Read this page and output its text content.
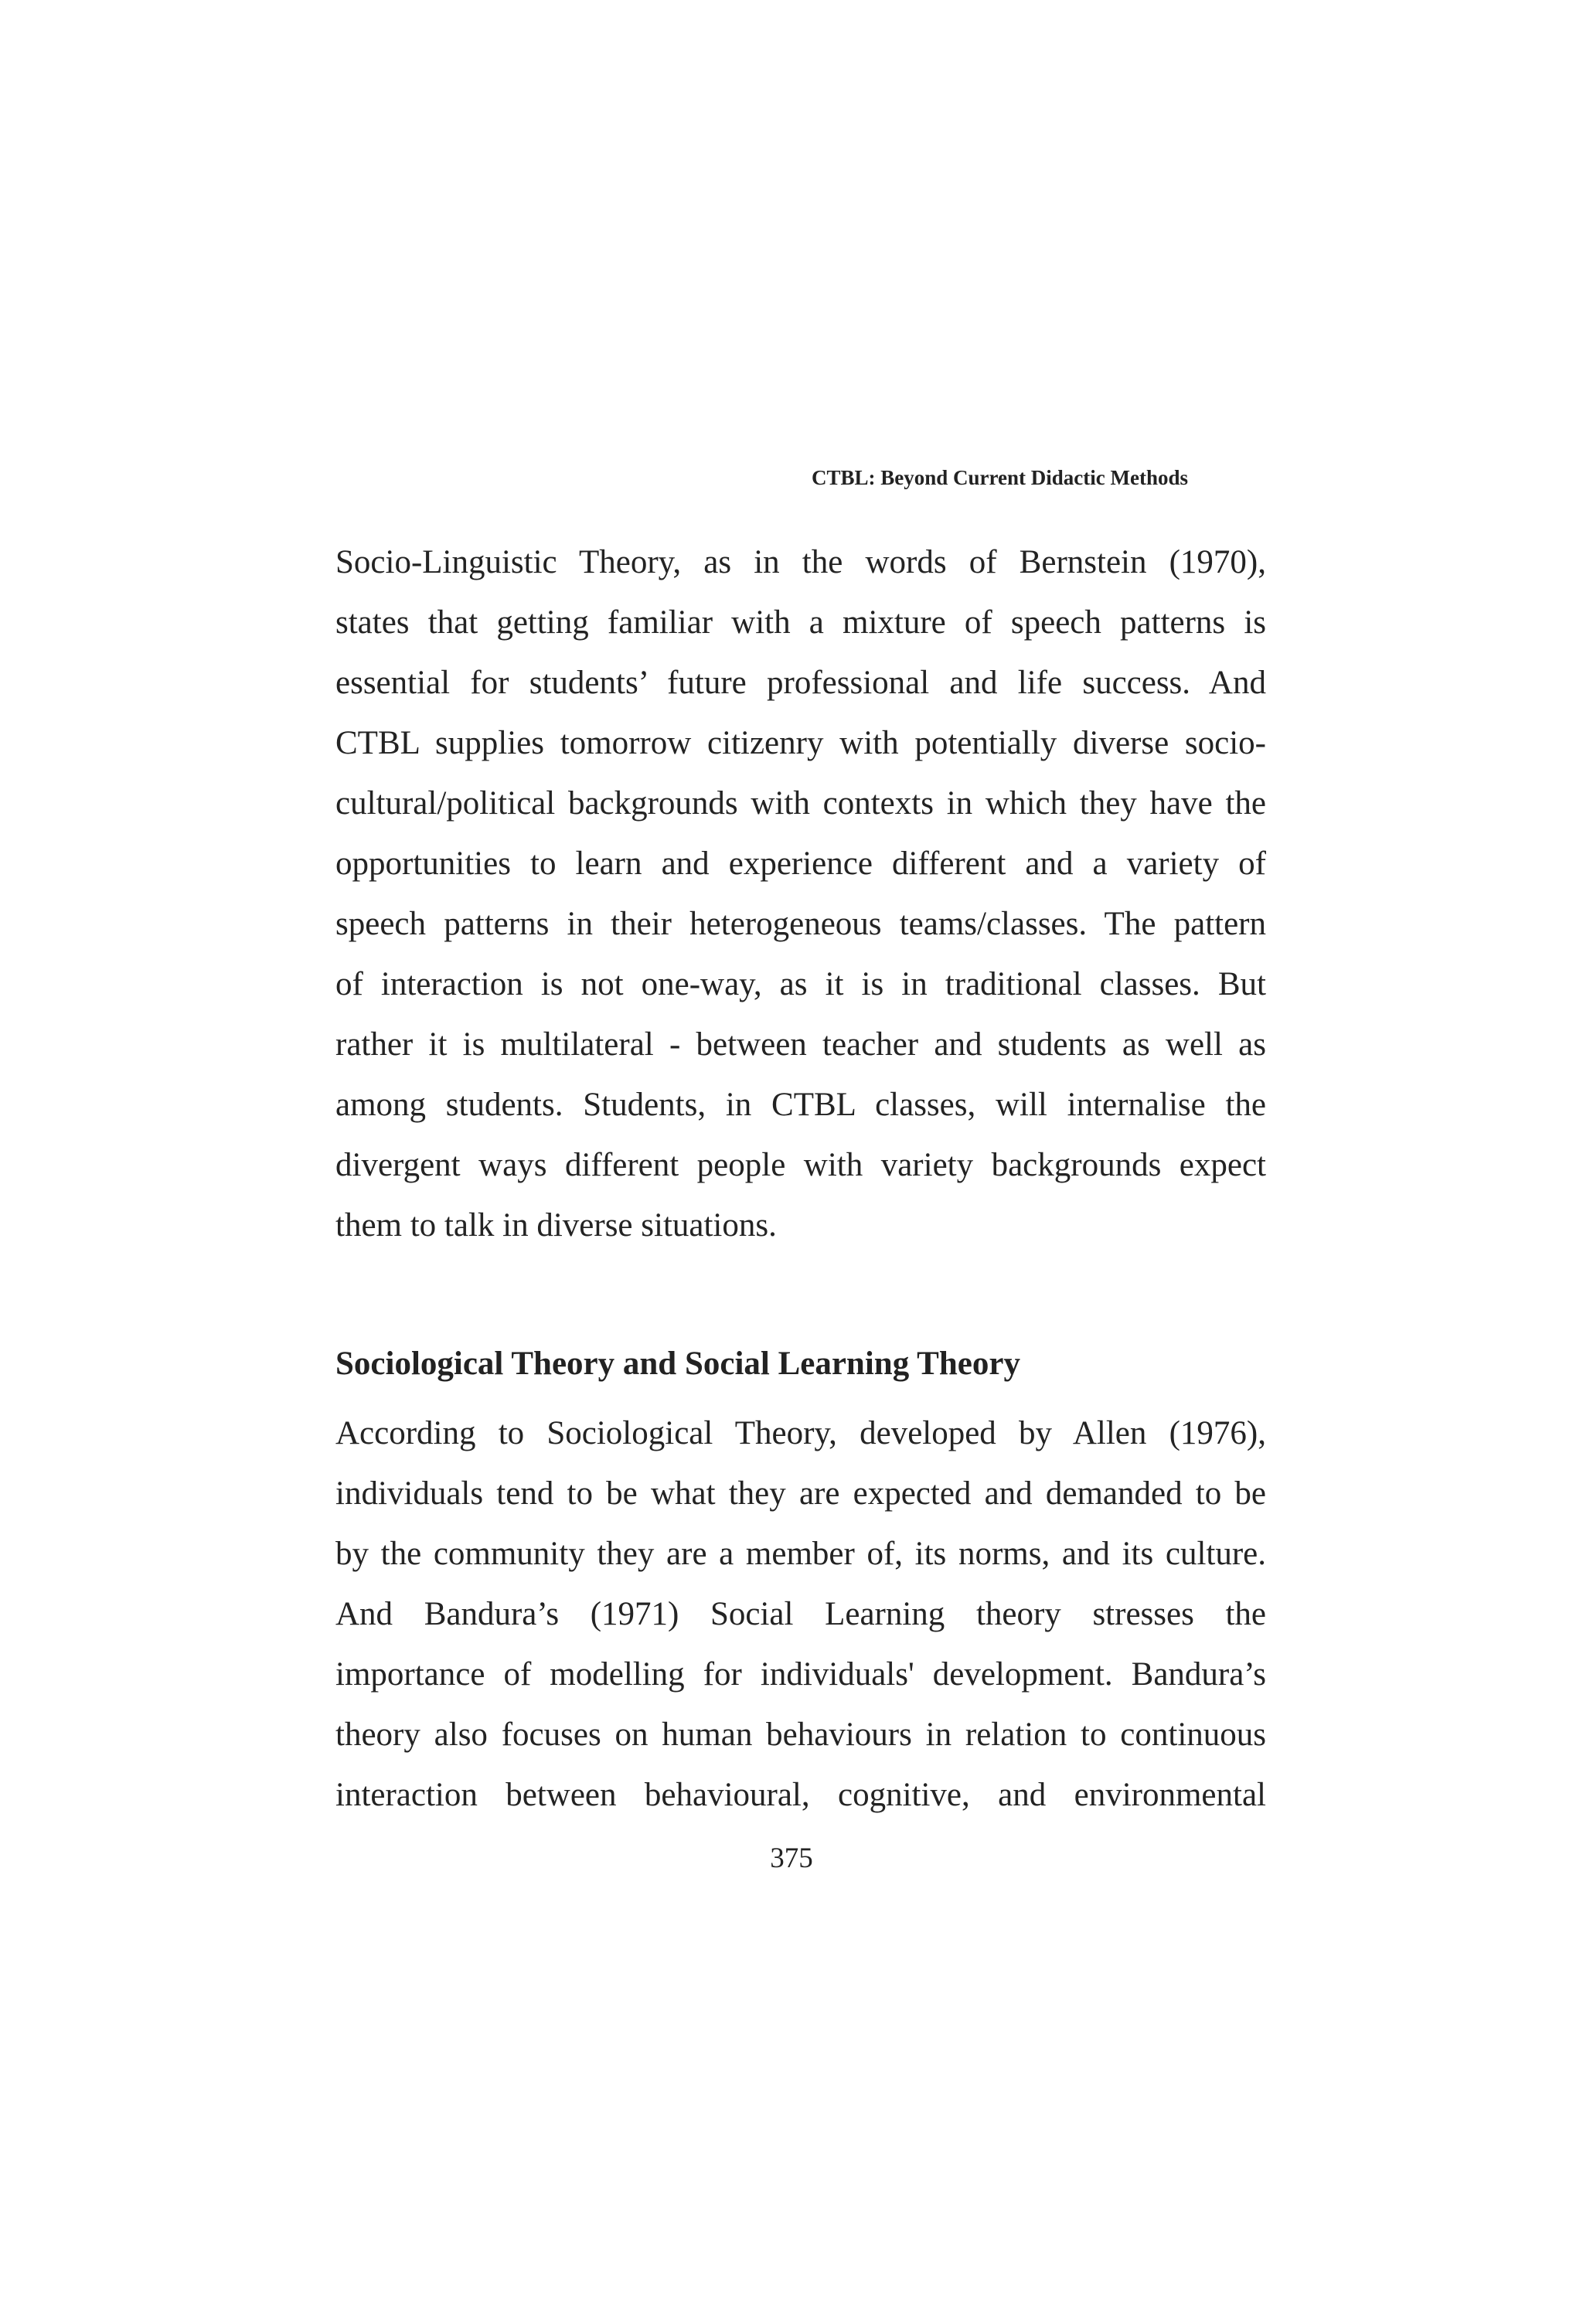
CTBL: Beyond Current Didactic Methods
Socio-Linguistic Theory, as in the words of Bernstein (1970),
states that getting familiar with a mixture of speech patterns is
essential for students’ future professional and life success. And
CTBL supplies tomorrow citizenry with potentially diverse socio-
cultural/political backgrounds with contexts in which they have the
opportunities to learn and experience different and a variety of
speech patterns in their heterogeneous teams/classes. The pattern
of interaction is not one-way, as it is in traditional classes. But
rather it is multilateral - between teacher and students as well as
among students. Students, in CTBL classes, will internalise the
divergent ways different people with variety backgrounds expect
them to talk in diverse situations.
Sociological Theory and Social Learning Theory
According to Sociological Theory, developed by Allen (1976),
individuals tend to be what they are expected and demanded to be
by the community they are a member of, its norms, and its culture.
And Bandura’s (1971) Social Learning theory stresses the
importance of modelling for individuals' development. Bandura’s
theory also focuses on human behaviours in relation to continuous
interaction between behavioural, cognitive, and environmental
375
